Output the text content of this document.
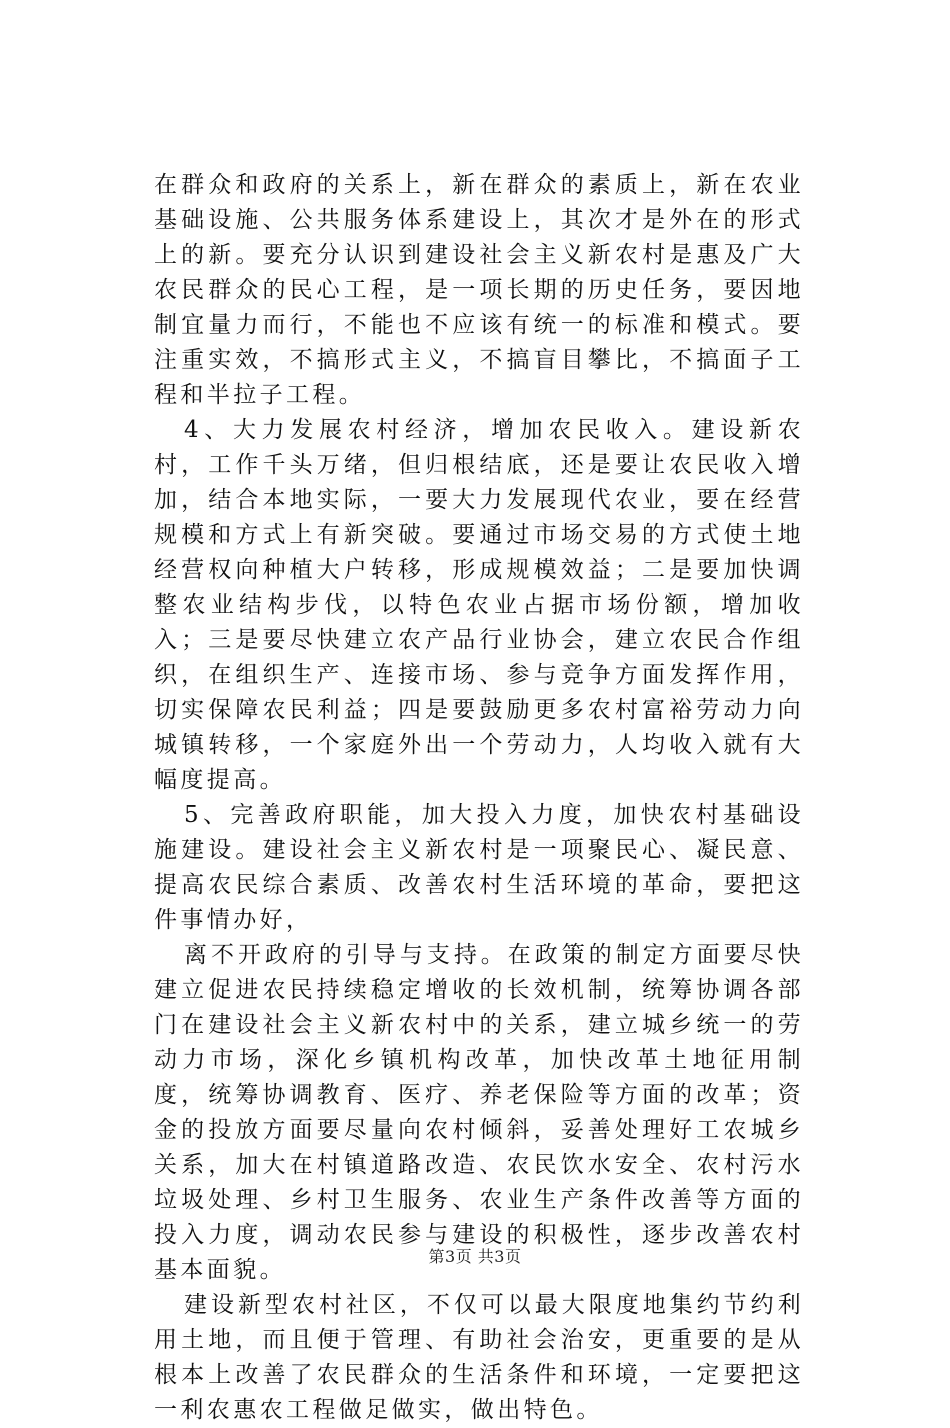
在群众和政府的关系上，新在群众的素质上，新在农业基础设施、公共服务体系建设上，其次才是外在的形式上的新。要充分认识到建设社会主义新农村是惠及广大农民群众的民心工程，是一项长期的历史任务，要因地制宜量力而行，不能也不应该有统一的标准和模式。要注重实效，不搞形式主义，不搞盲目攀比，不搞面子工程和半拉子工程。

4、大力发展农村经济，增加农民收入。建设新农村，工作千头万绪，但归根结底，还是要让农民收入增加，结合本地实际，一要大力发展现代农业，要在经营规模和方式上有新突破。要通过市场交易的方式使土地经营权向种植大户转移，形成规模效益；二是要加快调整农业结构步伐，以特色农业占据市场份额，增加收入；三是要尽快建立农产品行业协会，建立农民合作组织，在组织生产、连接市场、参与竞争方面发挥作用，切实保障农民利益；四是要鼓励更多农村富裕劳动力向城镇转移，一个家庭外出一个劳动力，人均收入就有大幅度提高。

5、完善政府职能，加大投入力度，加快农村基础设施建设。建设社会主义新农村是一项聚民心、凝民意、提高农民综合素质、改善农村生活环境的革命，要把这件事情办好，

离不开政府的引导与支持。在政策的制定方面要尽快建立促进农民持续稳定增收的长效机制，统筹协调各部门在建设社会主义新农村中的关系，建立城乡统一的劳动力市场，深化乡镇机构改革，加快改革土地征用制度，统筹协调教育、医疗、养老保险等方面的改革；资金的投放方面要尽量向农村倾斜，妥善处理好工农城乡关系，加大在村镇道路改造、农民饮水安全、农村污水垃圾处理、乡村卫生服务、农业生产条件改善等方面的投入力度，调动农民参与建设的积极性，逐步改善农村基本面貌。

建设新型农村社区，不仅可以最大限度地集约节约利用土地，而且便于管理、有助社会治安，更重要的是从根本上改善了农民群众的生活条件和环境，一定要把这一利农惠农工程做足做实，做出特色。

第3页 共3页
